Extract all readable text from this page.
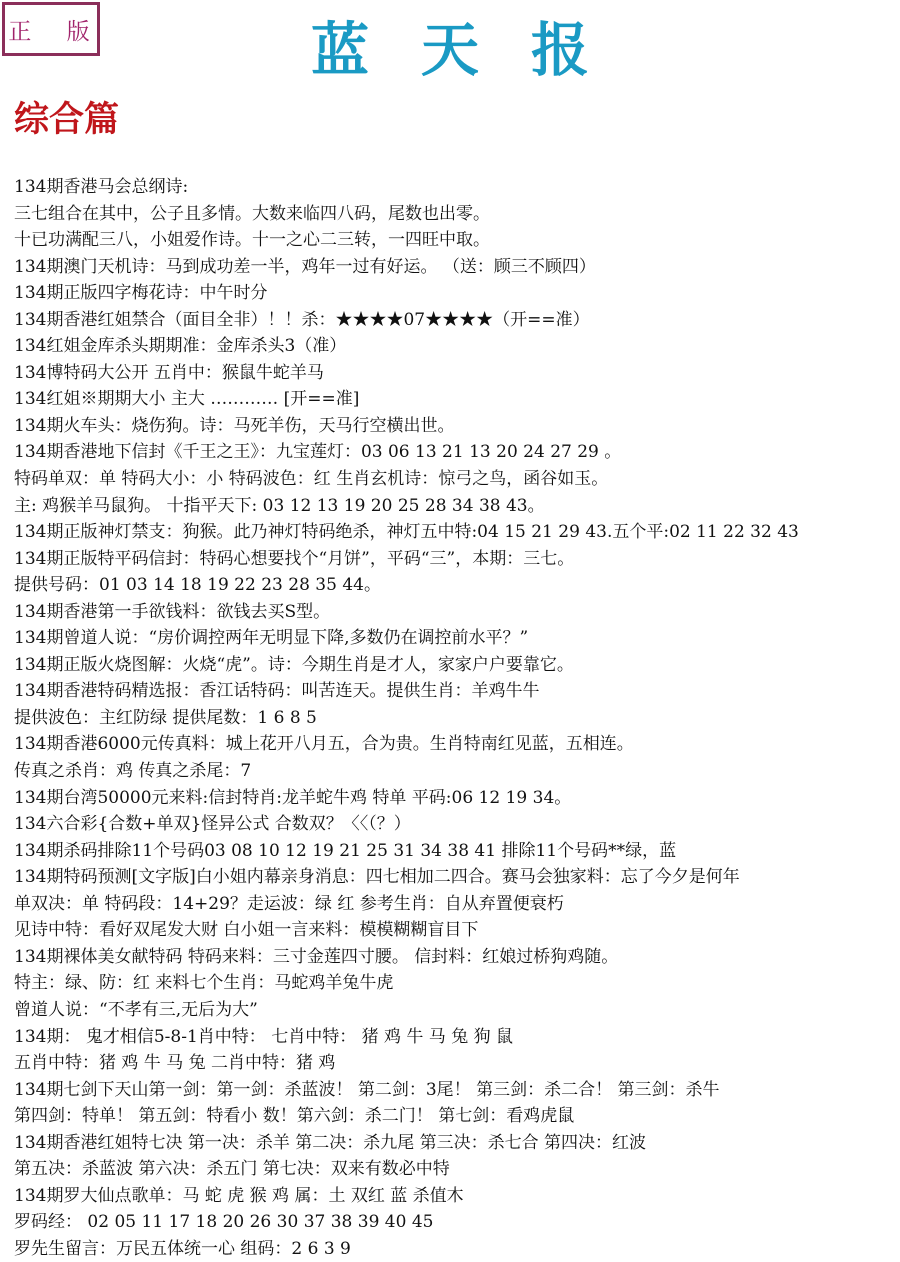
正 版	蓝天报
综合篇
134期香港马会总纲诗:
三七组合在其中，公子且多情。大数来临四八码，尾数也出零。
十已功满配三八，小姐爱作诗。十一之心二三转，一四旺中取。
134期澳门天机诗：马到成功差一半，鸡年一过有好运。 （送：顾三不顾四）
134期正版四字梅花诗：中午时分
134期香港红姐禁合（面目全非）！！杀：★★★★07★★★★（开==准）
134红姐金库杀头期期准：金库杀头3（准）
134博特码大公开 五肖中：猴鼠牛蛇羊马
134红姐※期期大小 主大 ………… [开==准]
134期火车头：烧伤狗。诗：马死羊伤，天马行空横出世。
134期香港地下信封《千王之王》：九宝莲灯：03 06 13 21 13 20 24 27 29 。
特码单双：单 特码大小：小 特码波色：红 生肖玄机诗：惊弓之鸟，函谷如玉。
主: 鸡猴羊马鼠狗。 十指平天下: 03 12 13 19 20 25 28 34 38 43。
134期正版神灯禁支：狗猴。此乃神灯特码绝杀，神灯五中特:04 15 21 29 43.五个平:02 11 22 32 43
134期正版特平码信封：特码心想要找个“月饼”，平码“三”，本期：三七。
提供号码：01 03 14 18 19 22 23 28 35 44。
134期香港第一手欲钱料：欲钱去买S型。
134期曾道人说：“房价调控两年无明显下降,多数仍在调控前水平？”
134期正版火烧图解：火烧“虎”。诗：今期生肖是才人，家家户户要靠它。
134期香港特码精选报：香江话特码：叫苦连天。提供生肖：羊鸡牛牛
提供波色：主红防绿 提供尾数：1 6 8 5
134期香港6000元传真料：城上花开八月五，合为贵。生肖特南红见蓝，五相连。
传真之杀肖：鸡 传真之杀尾：7
134期台湾50000元来料:信封特肖:龙羊蛇牛鸡 特单 平码:06 12 19 34。
134六合彩{合数+单双}怪异公式 合数双？〈〈（？）
134期杀码排除11个号码03 08 10 12 19 21 25 31 34 38 41 排除11个号码**绿，蓝
134期特码预测[文字版]白小姐内幕亲身消息：四七相加二四合。赛马会独家料：忘了今夕是何年
单双决：单 特码段：14+29？走运波：绿 红 参考生肖：自从弃置便衰朽
见诗中特：看好双尾发大财 白小姐一言来料：模模糊糊盲目下
134期裸体美女献特码 特码来料：三寸金莲四寸腰。 信封料：红娘过桥狗鸡随。
特主：绿、防：红 来料七个生肖：马蛇鸡羊兔牛虎
曾道人说：“不孝有三,无后为大”
134期： 鬼才相信5-8-1肖中特： 七肖中特： 猪 鸡 牛 马 兔 狗 鼠
五肖中特：猪 鸡 牛 马 兔 二肖中特：猪 鸡
134期七剑下天山第一剑：第一剑：杀蓝波！ 第二剑：3尾！ 第三剑：杀二合！ 第三剑：杀牛
第四剑：特单！ 第五剑：特看小 数！第六剑：杀二门！ 第七剑：看鸡虎鼠
134期香港红姐特七决 第一决：杀羊 第二决：杀九尾 第三决：杀七合 第四决：红波
第五决：杀蓝波 第六决：杀五门 第七决：双来有数必中特
134期罗大仙点歌单：马 蛇 虎 猴 鸡 属：土 双红 蓝 杀值木
罗码经： 02 05 11 17 18 20 26 30 37 38 39 40 45
罗先生留言：万民五体统一心 组码：2 6 3 9
